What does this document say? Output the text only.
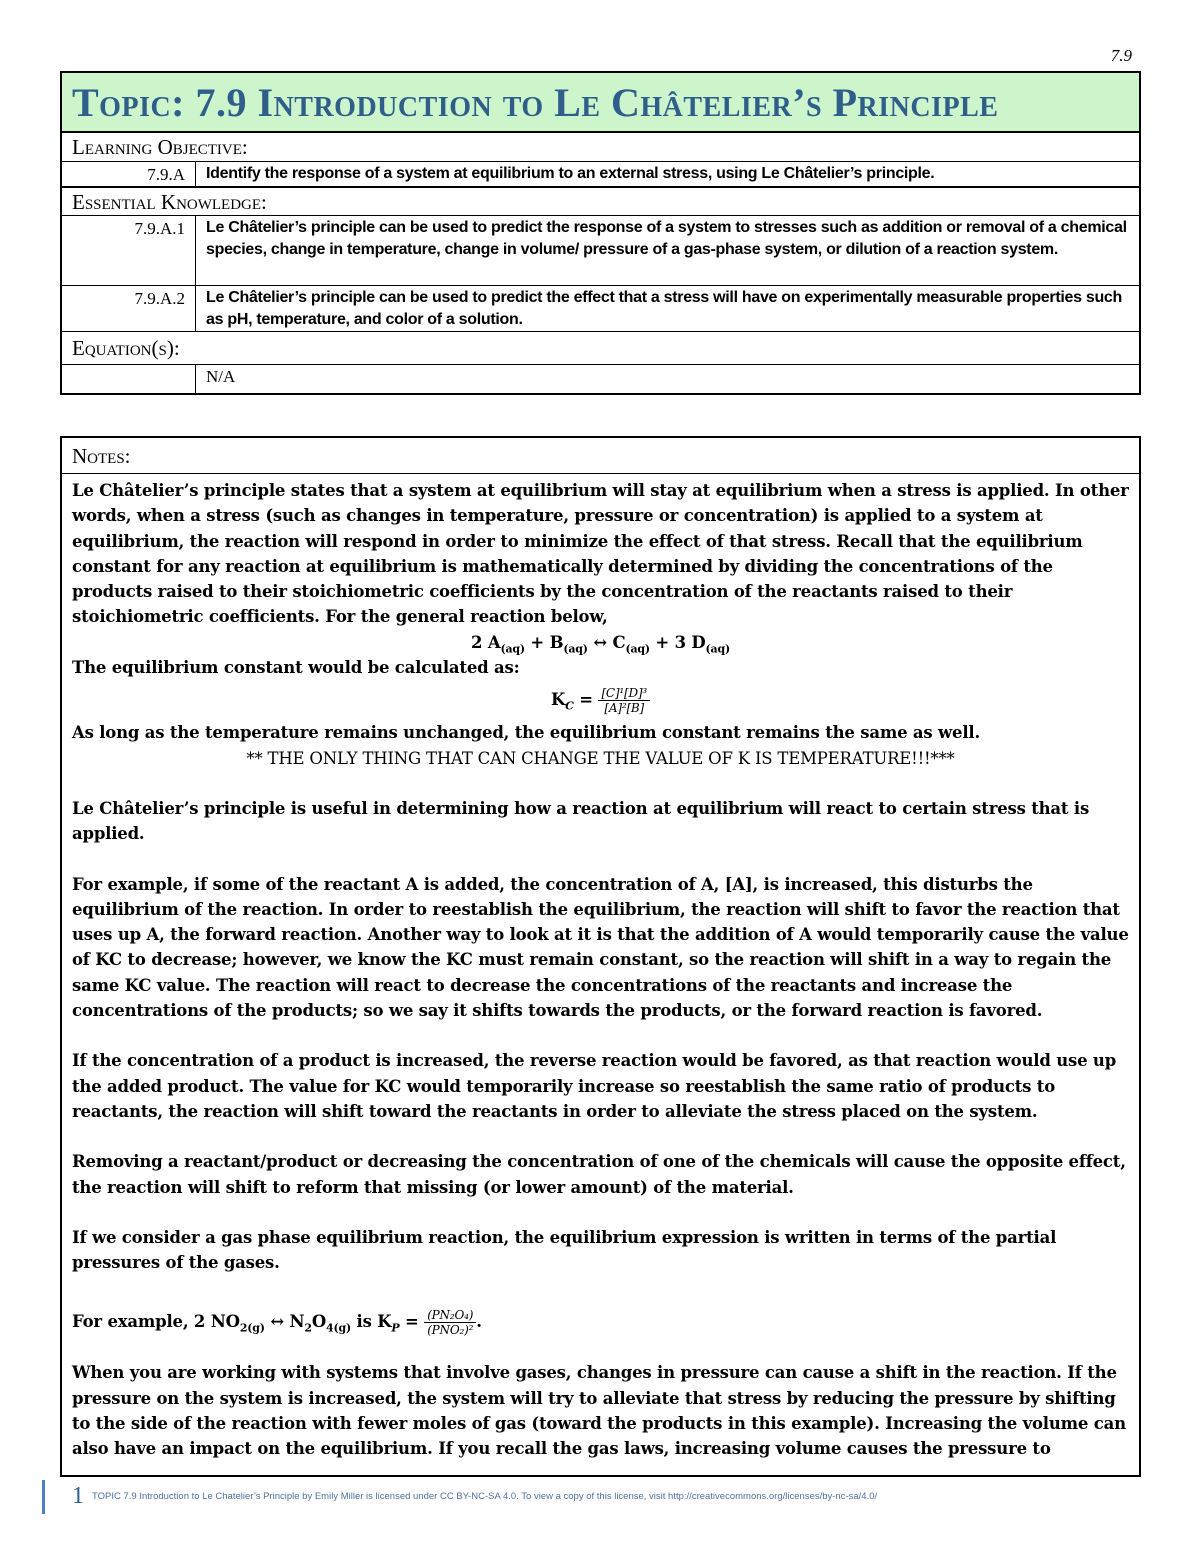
7.9
Topic: 7.9 Introduction to Le Châtelier’s Principle
Learning Objective:
7.9.A	Identify the response of a system at equilibrium to an external stress, using Le Châtelier’s principle.
Essential Knowledge:
7.9.A.1	Le Châtelier’s principle can be used to predict the response of a system to stresses such as addition or removal of a chemical species, change in temperature, change in volume/ pressure of a gas-phase system, or dilution of a reaction system.
7.9.A.2	Le Châtelier’s principle can be used to predict the effect that a stress will have on experimentally measurable properties such as pH, temperature, and color of a solution.
Equation(s):
N/A
Notes:

Le Châtelier’s principle states that a system at equilibrium will stay at equilibrium when a stress is applied. In other words, when a stress (such as changes in temperature, pressure or concentration) is applied to a system at equilibrium, the reaction will respond in order to minimize the effect of that stress. Recall that the equilibrium constant for any reaction at equilibrium is mathematically determined by dividing the concentrations of the products raised to their stoichiometric coefficients by the concentration of the reactants raised to their stoichiometric coefficients. For the general reaction below,

2 $A_{(aq)} + B_{(aq)}$ ↔ $C_{(aq)} + 3$ $D_{(aq)}$

The equilibrium constant would be calculated as:

$K_C = \frac{\text{[C]¹[D]³}}{\text{[A]²[B]}}$

As long as the temperature remains unchanged, the equilibrium constant remains the same as well.

** THE ONLY THING THAT CAN CHANGE THE VALUE OF K IS TEMPERATURE!!!***

Le Châtelier’s principle is useful in determining how a reaction at equilibrium will react to certain stress that is applied.

For example, if some of the reactant A is added, the concentration of A, [A], is increased, this disturbs the equilibrium of the reaction. In order to reestablish the equilibrium, the reaction will shift to favor the reaction that uses up A, the forward reaction. Another way to look at it is that the addition of A would temporarily cause the value of KC to decrease; however, we know the KC must remain constant, so the reaction will shift in a way to regain the same KC value. The reaction will react to decrease the concentrations of the reactants and increase the concentrations of the products; so we say it shifts towards the products, or the forward reaction is favored.

If the concentration of a product is increased, the reverse reaction would be favored, as that reaction would use up the added product. The value for KC would temporarily increase so reestablish the same ratio of products to reactants, the reaction will shift toward the reactants in order to alleviate the stress placed on the system.

Removing a reactant/product or decreasing the concentration of one of the chemicals will cause the opposite effect, the reaction will shift to reform that missing (or lower amount) of the material.

If we consider a gas phase equilibrium reaction, the equilibrium expression is written in terms of the partial pressures of the gases.

For example, 2 $NO_{2(g)}$ ↔ $N_2O_{4(g)}$ is $K_P = \frac{\text{(PN₂O₄)}}{\text{(PNO₂)²}}$ .

When you are working with systems that involve gases, changes in pressure can cause a shift in the reaction. If the pressure on the system is increased, the system will try to alleviate that stress by reducing the pressure by shifting to the side of the reaction with fewer moles of gas (toward the products in this example). Increasing the volume can also have an impact on the equilibrium. If you recall the gas laws, increasing volume causes the pressure to

1 TOPIC 7.9 Introduction to Le Chatelier’s Principle by Emily Miller is licensed under CC BY-NC-SA 4.0. To view a copy of this license, visit http://creativecommons.org/licenses/by-nc-sa/4.0/
